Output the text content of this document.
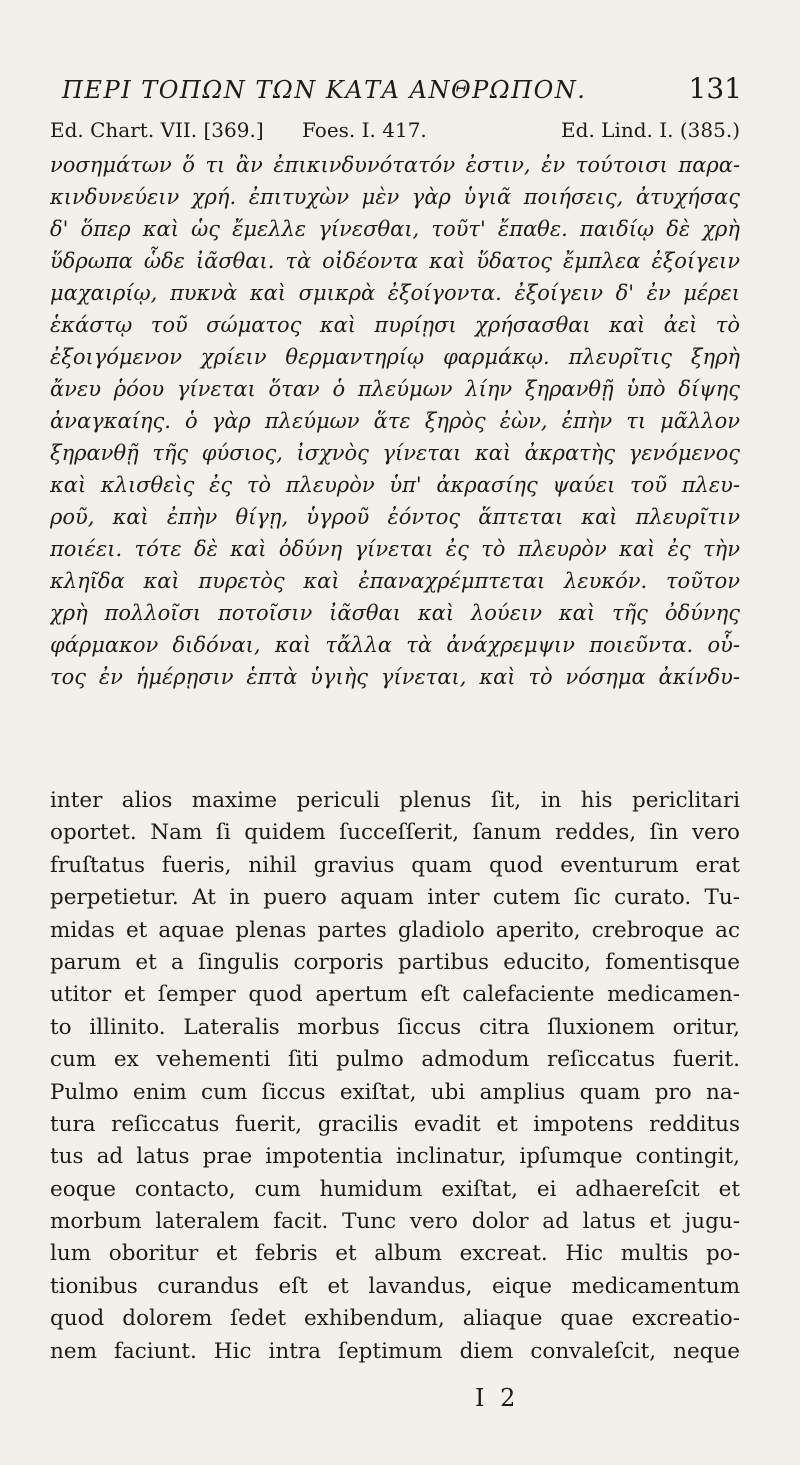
ΠΕΡΙ ΤΟΠΩΝ ΤΩΝ ΚΑΤΑ ΑΝΘΡΩΠΟΝ.	131
Ed. Chart. VII. [369.] Foes. I. 417.	Ed. Lind. I. (385.)
νοσημάτων ὅ τι ἂν ἐπικινδυνότατόν ἐστιν, ἐν τούτοισι παρα-
κινδυνεύειν χρή. ἐπιτυχὼν μὲν γὰρ ὑγιᾶ ποιήσεις, ἀτυχήσας
δ' ὅπερ καὶ ὡς ἔμελλε γίνεσθαι, τοῦτ' ἔπαθε. παιδίῳ δὲ χρὴ
ὕδρωπα ὧδε ἰᾶσθαι. τὰ οἰδέοντα καὶ ὕδατος ἔμπλεα ἐξοίγειν
μαχαιρίῳ, πυκνὰ καὶ σμικρὰ ἐξοίγοντα. ἐξοίγειν δ' ἐν μέρει
ἑκάστῳ τοῦ σώματος καὶ πυρίῃσι χρήσασθαι καὶ ἀεὶ τὸ
ἐξοιγόμενον χρίειν θερμαντηρίῳ φαρμάκῳ. πλευρῖτις ξηρὴ
ἄνευ ῥόου γίνεται ὅταν ὁ πλεύμων λίην ξηρανθῇ ὑπὸ δίψης
ἀναγκαίης. ὁ γὰρ πλεύμων ἅτε ξηρὸς ἐὼν, ἐπὴν τι μᾶλλον
ξηρανθῇ τῆς φύσιος, ἰσχνὸς γίνεται καὶ ἀκρατὴς γενόμενος
καὶ κλισθεὶς ἐς τὸ πλευρὸν ὑπ' ἀκρασίης ψαύει τοῦ πλευ-
ροῦ, καὶ ἐπὴν θίγῃ, ὑγροῦ ἐόντος ἅπτεται καὶ πλευρῖτιν
ποιέει. τότε δὲ καὶ ὀδύνη γίνεται ἐς τὸ πλευρὸν καὶ ἐς τὴν
κληῖδα καὶ πυρετὸς καὶ ἐπαναχρέμπτεται λευκόν. τοῦτον
χρὴ πολλοῖσι ποτοῖσιν ἰᾶσθαι καὶ λούειν καὶ τῆς ὀδύνης
φάρμακον διδόναι, καὶ τἄλλα τὰ ἀνάχρεμψιν ποιεῦντα. οὗ-
τος ἐν ἡμέρῃσιν ἑπτὰ ὑγιὴς γίνεται, καὶ τὸ νόσημα ἀκίνδυ-
inter alios maxime periculi plenus ſit, in his periclitari
oportet. Nam ſi quidem ſucceſſerit, ſanum reddes, ſin vero
fruſtatus fueris, nihil gravius quam quod eventurum erat
perpetietur. At in puero aquam inter cutem ſic curato. Tu-
midas et aquae plenas partes gladiolo aperito, crebroque ac
parum et a ſingulis corporis partibus educito, fomentisque
utitor et ſemper quod apertum eſt calefaciente medicamen-
to illinito. Lateralis morbus ſiccus citra ſluxionem oritur,
cum ex vehementi ſiti pulmo admodum reſiccatus fuerit.
Pulmo enim cum ſiccus exiſtat, ubi amplius quam pro na-
tura reſiccatus fuerit, gracilis evadit et impotens redditus
tus ad latus prae impotentia inclinatur, ipſumque contingit,
eoque contacto, cum humidum exiſtat, ei adhaereſcit et
morbum lateralem facit. Tunc vero dolor ad latus et jugu-
lum oboritur et febris et album excreat. Hic multis po-
tionibus curandus eſt et lavandus, eique medicamentum
quod dolorem ſedet exhibendum, aliaque quae excreatio-
nem faciunt. Hic intra ſeptimum diem convaleſcit, neque
I 2
